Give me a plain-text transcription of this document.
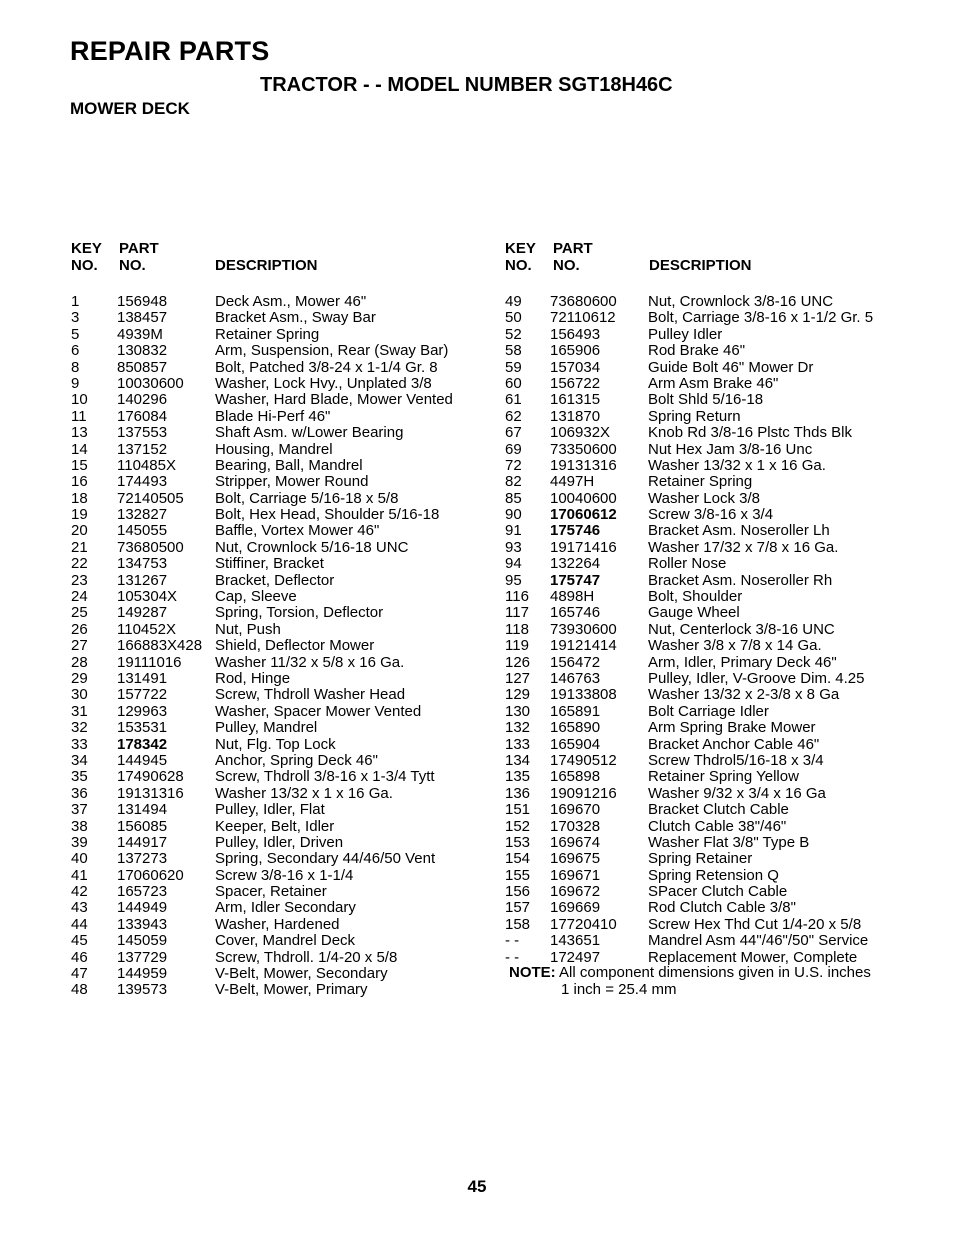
REPAIR PARTS
TRACTOR - - MODEL NUMBER SGT18H46C
MOWER DECK
KEY
NO.
PART
NO.	DESCRIPTION
1	156948	Deck Asm., Mower 46"
3	138457	Bracket Asm., Sway Bar
5	4939M	Retainer Spring
6	130832	Arm, Suspension, Rear (Sway Bar)
8	850857	Bolt, Patched 3/8-24 x 1-1/4 Gr. 8
9	10030600 Washer, Lock Hvy., Unplated 3/8
10 140296	Washer, Hard Blade, Mower Vented
11 176084	Blade Hi-Perf 46"
13 137553	Shaft Asm. w/Lower Bearing
14 137152	Housing, Mandrel
15 110485X	Bearing, Ball, Mandrel
16 174493	Stripper, Mower Round
18 72140505 Bolt, Carriage 5/16-18 x 5/8
19 132827	Bolt, Hex Head, Shoulder 5/16-18
20 145055	Baffle, Vortex Mower 46"
21 73680500 Nut, Crownlock 5/16-18 UNC
22 134753	Stiffiner, Bracket
23 131267	Bracket, Deflector
24 105304X	Cap, Sleeve
25 149287	Spring, Torsion, Deflector
26 110452X	Nut, Push
27 166883X428 Shield, Deflector Mower
28 19111016 Washer 11/32 x 5/8 x 16 Ga.
29 131491	Rod, Hinge
30 157722	Screw, Thdroll Washer Head
31 129963	Washer, Spacer Mower Vented
32 153531	Pulley, Mandrel
33 178342	Nut, Flg. Top Lock
34 144945	Anchor, Spring Deck 46"
35 17490628 Screw, Thdroll 3/8-16 x 1-3/4 Tytt
36 19131316 Washer 13/32 x 1 x 16 Ga.
37 131494	Pulley, Idler, Flat
38 156085	Keeper, Belt, Idler
39 144917	Pulley, Idler, Driven
40 137273	Spring, Secondary 44/46/50 Vent
41 17060620 Screw 3/8-16 x 1-1/4
42 165723	Spacer, Retainer
43 144949	Arm, Idler Secondary
44 133943	Washer, Hardened
45 145059	Cover, Mandrel Deck
46 137729	Screw, Thdroll. 1/4-20 x 5/8
47 144959	V-Belt, Mower, Secondary
48 139573	V-Belt, Mower, Primary
KEY
NO.
PART
NO.	DESCRIPTION
49 73680600 Nut, Crownlock 3/8-16 UNC
50 72110612 Bolt, Carriage 3/8-16 x 1-1/2 Gr. 5
52 156493	Pulley Idler
58 165906	Rod Brake 46"
59 157034	Guide Bolt 46" Mower Dr
60 156722	Arm Asm Brake 46"
61 161315	Bolt Shld 5/16-18
62 131870	Spring Return
67 106932X	Knob Rd 3/8-16 Plstc Thds Blk
69 73350600 Nut Hex Jam 3/8-16 Unc
72 19131316 Washer 13/32 x 1 x 16 Ga.
82 4497H	Retainer Spring
85 10040600 Washer Lock 3/8
90 17060612 Screw 3/8-16 x 3/4
91 175746	Bracket Asm. Noseroller Lh
93 19171416 Washer 17/32 x 7/8 x 16 Ga.
94 132264	Roller Nose
95 175747	Bracket Asm. Noseroller Rh
116 4898H	Bolt, Shoulder
117 165746	Gauge Wheel
118 73930600 Nut, Centerlock 3/8-16 UNC
119 19121414 Washer 3/8 x 7/8 x 14 Ga.
126 156472	Arm, Idler, Primary Deck 46"
127 146763	Pulley, Idler, V-Groove Dim. 4.25
129 19133808 Washer 13/32 x 2-3/8 x 8 Ga
130 165891	Bolt Carriage Idler
132 165890	Arm Spring Brake Mower
133 165904	Bracket Anchor Cable 46"
134 17490512 Screw Thdrol5/16-18 x 3/4
135 165898	Retainer Spring Yellow
136 19091216 Washer 9/32 x 3/4 x 16 Ga
151 169670	Bracket Clutch Cable
152 170328	Clutch Cable 38"/46"
153 169674	Washer Flat 3/8" Type B
154 169675	Spring Retainer
155 169671	Spring Retension Q
156 169672	SPacer Clutch Cable
157 169669	Rod Clutch Cable 3/8"
158 17720410 Screw Hex Thd Cut 1/4-20 x 5/8
- - 143651	Mandrel Asm 44"/46"/50" Service
- - 172497	Replacement Mower, Complete
NOTE: All component dimensions given in U.S. inches
1 inch = 25.4 mm
45
